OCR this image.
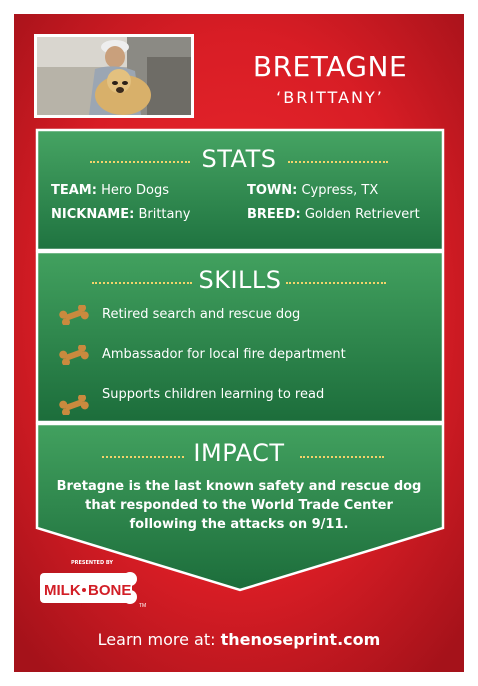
BRETAGNE
‘BRITTANY’
STATS
TEAM: Hero Dogs	TOWN: Cypress, TX
NICKNAME: Brittany	BREED: Golden Retrievert
SKILLS
Retired search and rescue dog
Ambassador for local fire department
Supports children learning to read
IMPACT
Bretagne is the last known safety and rescue dog
that responded to the World Trade Center
following the attacks on 9/11.
PRESENTED BY
MILK BONE
TM
Learn more at: thenoseprint.com
